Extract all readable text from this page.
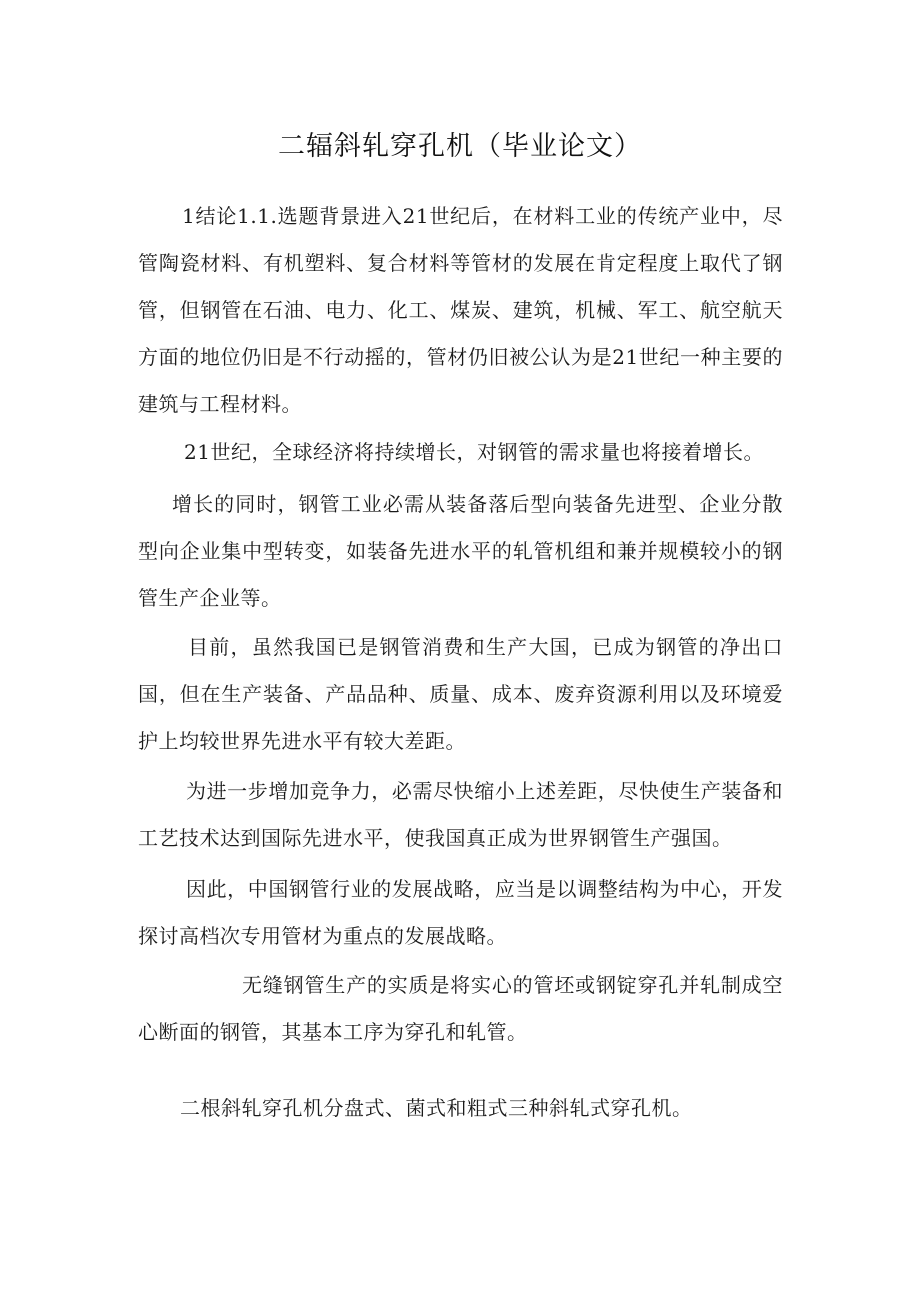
二辐斜轧穿孔机（毕业论文）

1结论1.1.选题背景进入21世纪后，在材料工业的传统产业中，尽管陶瓷材料、有机塑料、复合材料等管材的发展在肯定程度上取代了钢管，但钢管在石油、电力、化工、煤炭、建筑，机械、军工、航空航天方面的地位仍旧是不行动摇的，管材仍旧被公认为是21世纪一种主要的建筑与工程材料。

21世纪，全球经济将持续增长，对钢管的需求量也将接着增长。

增长的同时，钢管工业必需从装备落后型向装备先进型、企业分散型向企业集中型转变，如装备先进水平的轧管机组和兼并规模较小的钢管生产企业等。

目前，虽然我国已是钢管消费和生产大国，已成为钢管的净出口国，但在生产装备、产品品种、质量、成本、废弃资源利用以及环境爱护上均较世界先进水平有较大差距。

为进一步增加竞争力，必需尽快缩小上述差距，尽快使生产装备和工艺技术达到国际先进水平，使我国真正成为世界钢管生产强国。

因此，中国钢管行业的发展战略，应当是以调整结构为中心，开发探讨高档次专用管材为重点的发展战略。

无缝钢管生产的实质是将实心的管坯或钢锭穿孔并轧制成空心断面的钢管，其基本工序为穿孔和轧管。

二根斜轧穿孔机分盘式、菌式和粗式三种斜轧式穿孔机。
